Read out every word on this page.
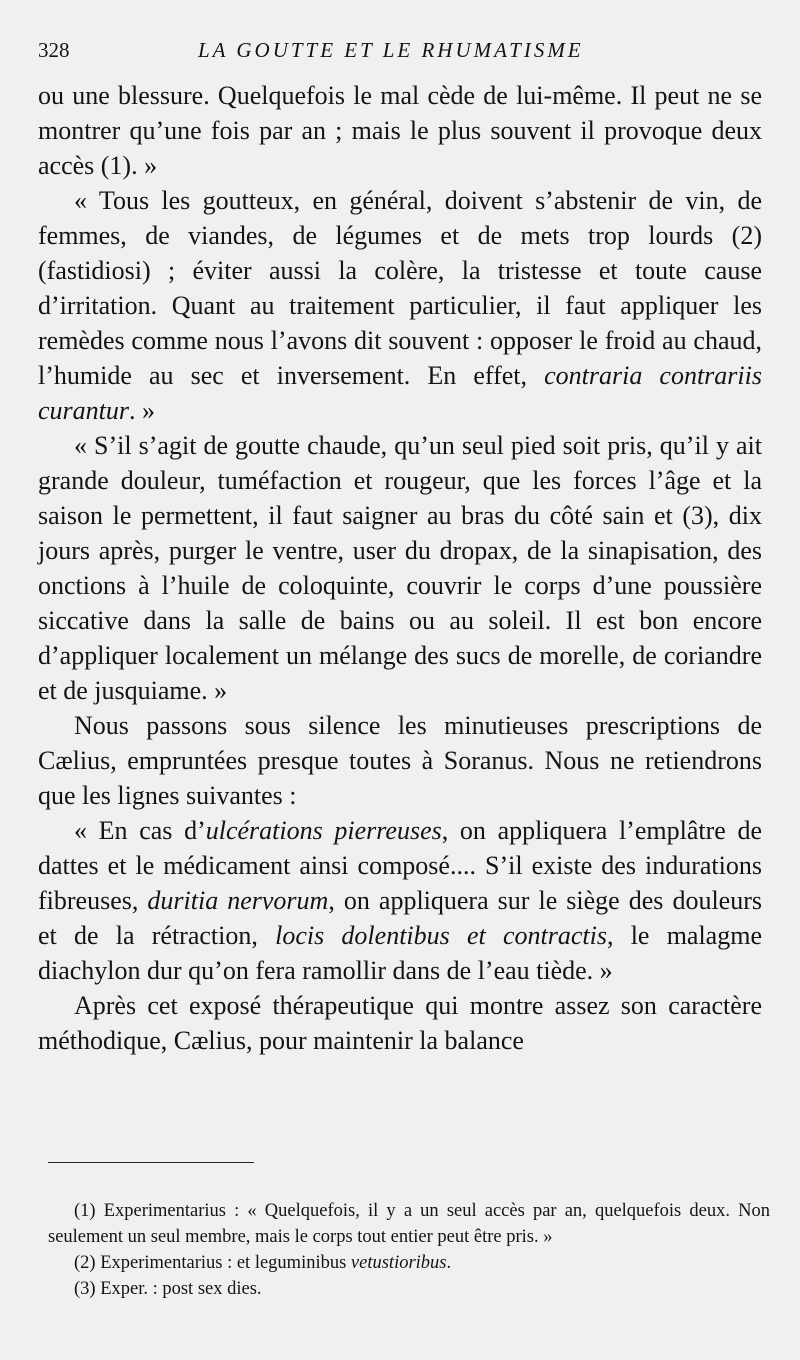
328	LA GOUTTE ET LE RHUMATISME

ou une blessure. Quelquefois le mal cède de lui-même. Il peut ne se montrer qu’une fois par an ; mais le plus souvent il provoque deux accès (1). »

« Tous les goutteux, en général, doivent s’abstenir de vin, de femmes, de viandes, de légumes et de mets trop lourds (2) (fastidiosi) ; éviter aussi la colère, la tristesse et toute cause d’irritation. Quant au traitement particulier, il faut appliquer les remèdes comme nous l’avons dit souvent : opposer le froid au chaud, l’humide au sec et inversement. En effet, contraria contrariis curantur. »

« S’il s’agit de goutte chaude, qu’un seul pied soit pris, qu’il y ait grande douleur, tuméfaction et rougeur, que les forces l’âge et la saison le permettent, il faut saigner au bras du côté sain et (3), dix jours après, purger le ventre, user du dropax, de la sinapisation, des onctions à l’huile de coloquinte, couvrir le corps d’une poussière siccative dans la salle de bains ou au soleil. Il est bon encore d’appliquer localement un mélange des sucs de morelle, de coriandre et de jusquiame. »

Nous passons sous silence les minutieuses prescriptions de Cælius, empruntées presque toutes à Soranus. Nous ne retiendrons que les lignes suivantes :

« En cas d’ulcérations pierreuses, on appliquera l’emplâtre de dattes et le médicament ainsi composé.... S’il existe des indurations fibreuses, duritia nervorum, on appliquera sur le siège des douleurs et de la rétraction, locis dolentibus et contractis, le malagme diachylon dur qu’on fera ramollir dans de l’eau tiède. »

Après cet exposé thérapeutique qui montre assez son caractère méthodique, Cælius, pour maintenir la balance

(1) Experimentarius : « Quelquefois, il y a un seul accès par an, quelquefois deux. Non seulement un seul membre, mais le corps tout entier peut être pris. »

(2) Experimentarius : et leguminibus vetustioribus.

(3) Exper. : post sex dies.
